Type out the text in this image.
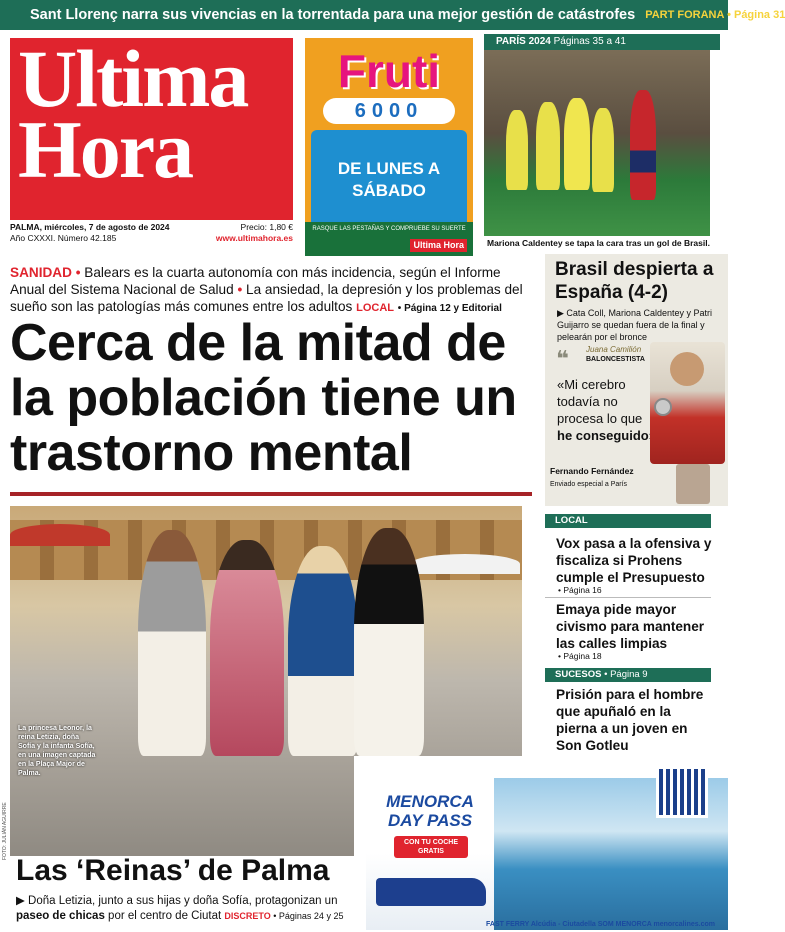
Sant Llorenç narra sus vivencias en la torrentada para una mejor gestión de catástrofes PART FORANA • Página 31
Ultima
Hora
PALMA, miércoles, 7 de agosto de 2024
Año CXXXI. Número 42.185
Precio: 1,80 €
www.ultimahora.es
Fruti
6000
DE LUNES A SÁBADO
RASQUE LAS PESTAÑAS Y COMPRUEBE SU SUERTE
Ultima Hora
PARÍS 2024 Páginas 35 a 41
Mariona Caldentey se tapa la cara tras un gol de Brasil.
SANIDAD • Balears es la cuarta autonomía con más incidencia, según el Informe Anual del Sistema Nacional de Salud • La ansiedad, la depresión y los problemas del sueño son las patologías más comunes entre los adultos LOCAL • Página 12 y Editorial
Cerca de la mitad de la población tiene un trastorno mental
La princesa Leonor, la reina Letizia, doña Sofía y la infanta Sofía, en una imagen captada en la Plaça Major de Palma.
FOTO: JULIÁN AGUIRRE
Las ‘Reinas’ de Palma
▶ Doña Letizia, junto a sus hijas y doña Sofía, protagonizan un paseo de chicas por el centro de Ciutat DISCRETO • Páginas 24 y 25
Brasil despierta a España (4-2)
▶ Cata Coll, Mariona Caldentey y Patri Guijarro se quedan fuera de la final y pelearán por el bronce
❝ Juana Camilión
BALONCESTISTA
«Mi cerebro todavía no procesa lo que he conseguido
Fernando Fernández
Enviado especial a París
LOCAL
Vox pasa a la ofensiva y fiscaliza si Prohens cumple el Presupuesto
• Página 16
Emaya pide mayor civismo para mantener las calles limpias
• Página 18
SUCESOS • Página 9
Prisión para el hombre que apuñaló en la pierna a un joven en Son Gotleu
MENORCA DAY PASS
CON TU COCHE GRATIS
FAST FERRY Alcúdia - Ciutadella SOM MENORCA menorcalines.com
